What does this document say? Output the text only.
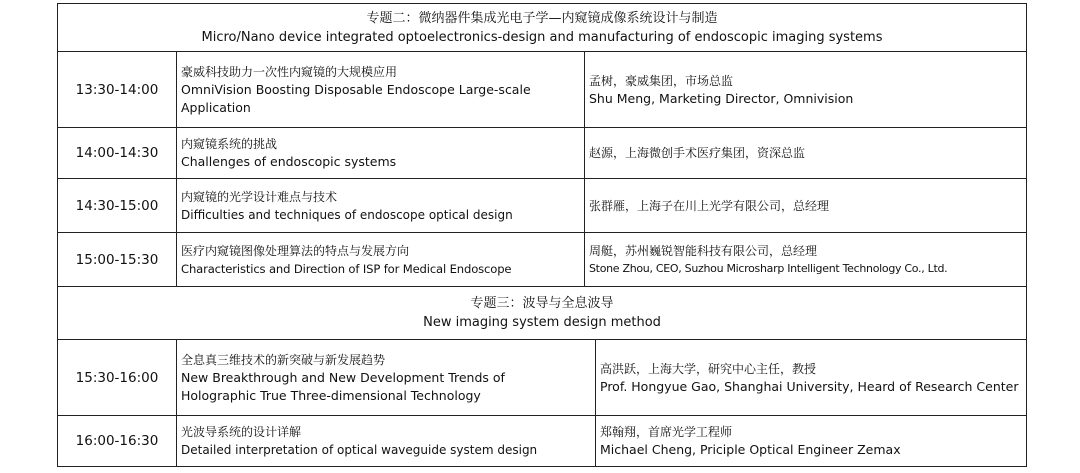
专题二：微纳器件集成光电子学—内窥镜成像系统设计与制造
Micro/Nano device integrated optoelectronics-design and manufacturing of endoscopic imaging systems
13:30-14:00
豪威科技助力一次性内窥镜的大规模应用
OmniVision Boosting Disposable Endoscope Large-scale Application
孟树，豪威集团，市场总监
Shu Meng, Marketing Director, Omnivision
14:00-14:30
内窥镜系统的挑战
Challenges of endoscopic systems
赵源，上海微创手术医疗集团，资深总监
14:30-15:00
内窥镜的光学设计难点与技术
Difficulties and techniques of endoscope optical design
张群雁，上海子在川上光学有限公司，总经理
15:00-15:30
医疗内窥镜图像处理算法的特点与发展方向
Characteristics and Direction of ISP for Medical Endoscope
周艇，苏州巍锐智能科技有限公司，总经理
Stone Zhou, CEO, Suzhou Microsharp Intelligent Technology Co., Ltd.
专题三：波导与全息波导
New imaging system design method
15:30-16:00
全息真三维技术的新突破与新发展趋势
New Breakthrough and New Development Trends of Holographic True Three-dimensional Technology
高洪跃，上海大学，研究中心主任，教授
Prof. Hongyue Gao, Shanghai University, Heard of Research Center
16:00-16:30
光波导系统的设计详解
Detailed interpretation of optical waveguide system design
郑翰翔，首席光学工程师
Michael Cheng, Priciple Optical Engineer Zemax
